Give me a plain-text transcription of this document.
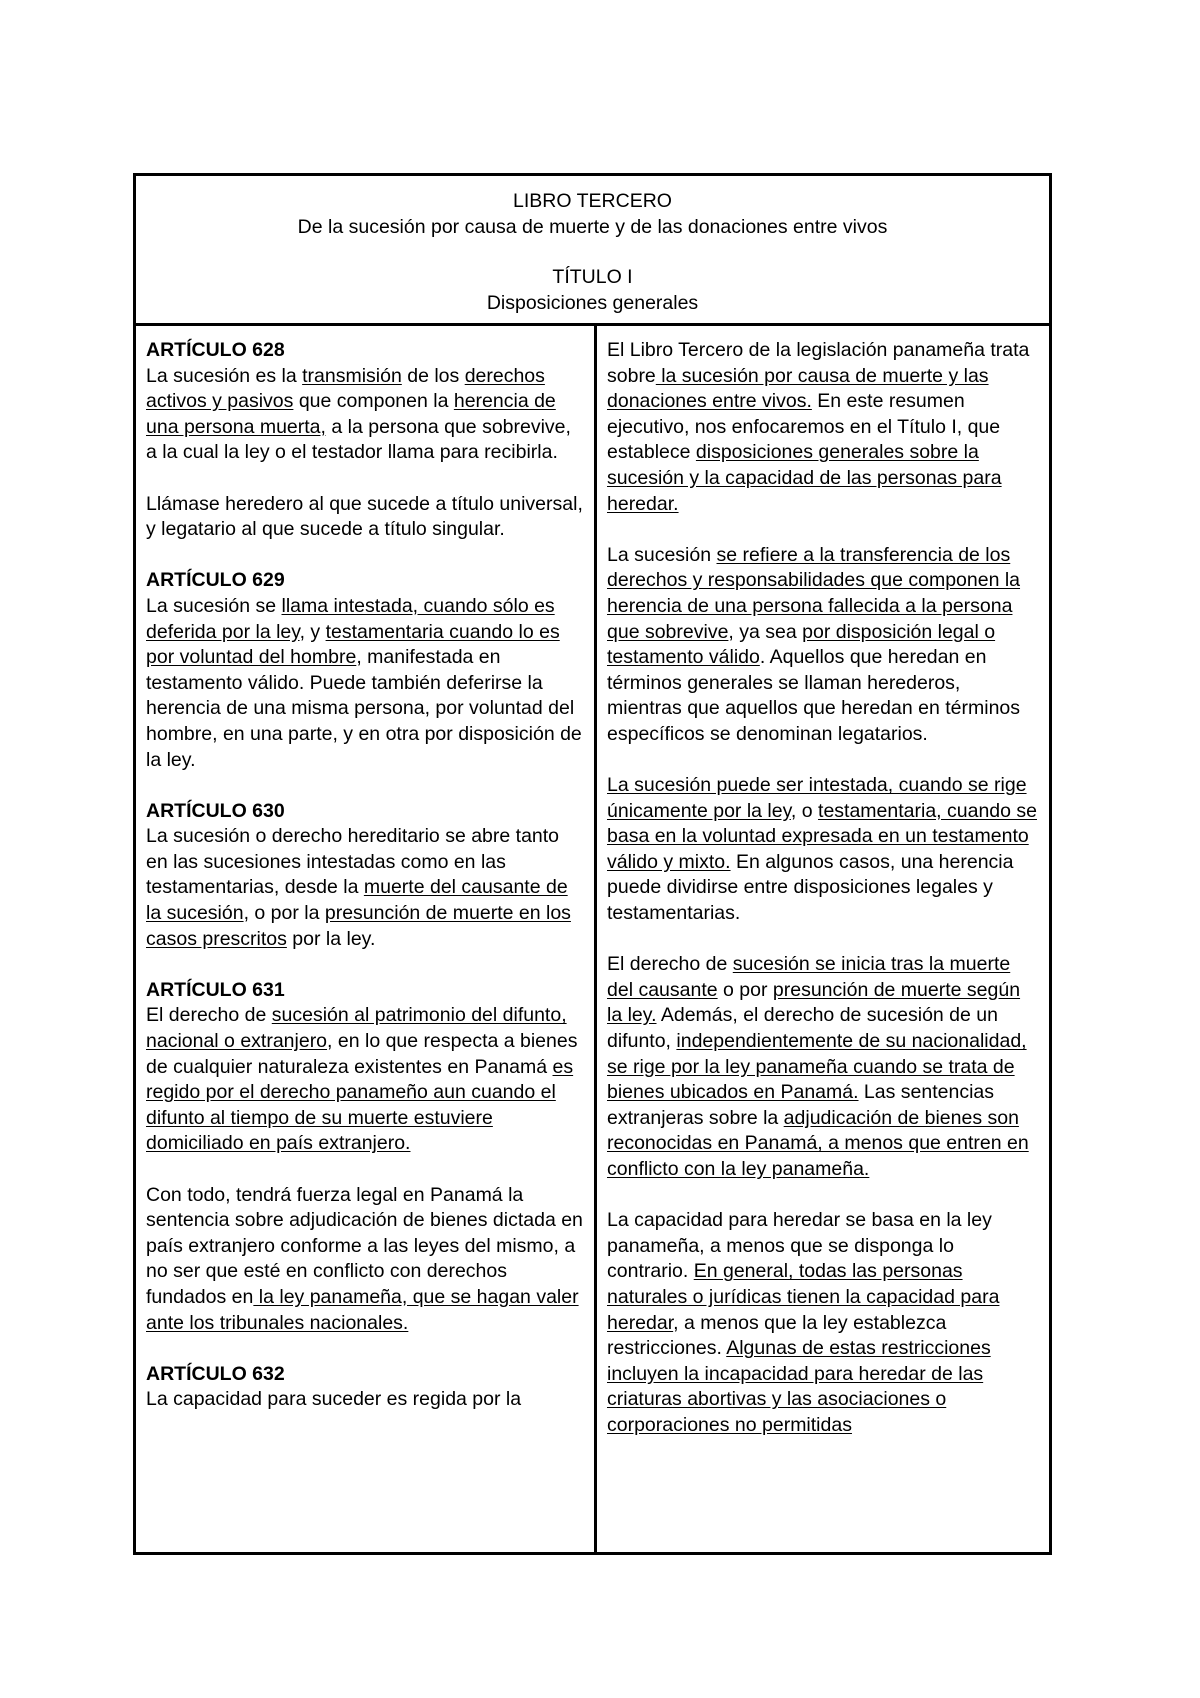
LIBRO TERCERO
De la sucesión por causa de muerte y de las donaciones entre vivos
TÍTULO I
Disposiciones generales
ARTÍCULO 628
La sucesión es la transmisión de los derechos activos y pasivos que componen la herencia de una persona muerta, a la persona que sobrevive, a la cual la ley o el testador llama para recibirla.
Llámase heredero al que sucede a título universal, y legatario al que sucede a título singular.
ARTÍCULO 629
La sucesión se llama intestada, cuando sólo es deferida por la ley, y testamentaria cuando lo es por voluntad del hombre, manifestada en testamento válido. Puede también deferirse la herencia de una misma persona, por voluntad del hombre, en una parte, y en otra por disposición de la ley.
ARTÍCULO 630
La sucesión o derecho hereditario se abre tanto en las sucesiones intestadas como en las testamentarias, desde la muerte del causante de la sucesión, o por la presunción de muerte en los casos prescritos por la ley.
ARTÍCULO 631
El derecho de sucesión al patrimonio del difunto, nacional o extranjero, en lo que respecta a bienes de cualquier naturaleza existentes en Panamá es regido por el derecho panameño aun cuando el difunto al tiempo de su muerte estuviere domiciliado en país extranjero.
Con todo, tendrá fuerza legal en Panamá la sentencia sobre adjudicación de bienes dictada en país extranjero conforme a las leyes del mismo, a no ser que esté en conflicto con derechos fundados en la ley panameña, que se hagan valer ante los tribunales nacionales.
ARTÍCULO 632
La capacidad para suceder es regida por la
El Libro Tercero de la legislación panameña trata sobre la sucesión por causa de muerte y las donaciones entre vivos. En este resumen ejecutivo, nos enfocaremos en el Título I, que establece disposiciones generales sobre la sucesión y la capacidad de las personas para heredar.
La sucesión se refiere a la transferencia de los derechos y responsabilidades que componen la herencia de una persona fallecida a la persona que sobrevive, ya sea por disposición legal o testamento válido. Aquellos que heredan en términos generales se llaman herederos, mientras que aquellos que heredan en términos específicos se denominan legatarios.
La sucesión puede ser intestada, cuando se rige únicamente por la ley, o testamentaria, cuando se basa en la voluntad expresada en un testamento válido y mixto. En algunos casos, una herencia puede dividirse entre disposiciones legales y testamentarias.
El derecho de sucesión se inicia tras la muerte del causante o por presunción de muerte según la ley. Además, el derecho de sucesión de un difunto, independientemente de su nacionalidad, se rige por la ley panameña cuando se trata de bienes ubicados en Panamá. Las sentencias extranjeras sobre la adjudicación de bienes son reconocidas en Panamá, a menos que entren en conflicto con la ley panameña.
La capacidad para heredar se basa en la ley panameña, a menos que se disponga lo contrario. En general, todas las personas naturales o jurídicas tienen la capacidad para heredar, a menos que la ley establezca restricciones. Algunas de estas restricciones incluyen la incapacidad para heredar de las criaturas abortivas y las asociaciones o corporaciones no permitidas
